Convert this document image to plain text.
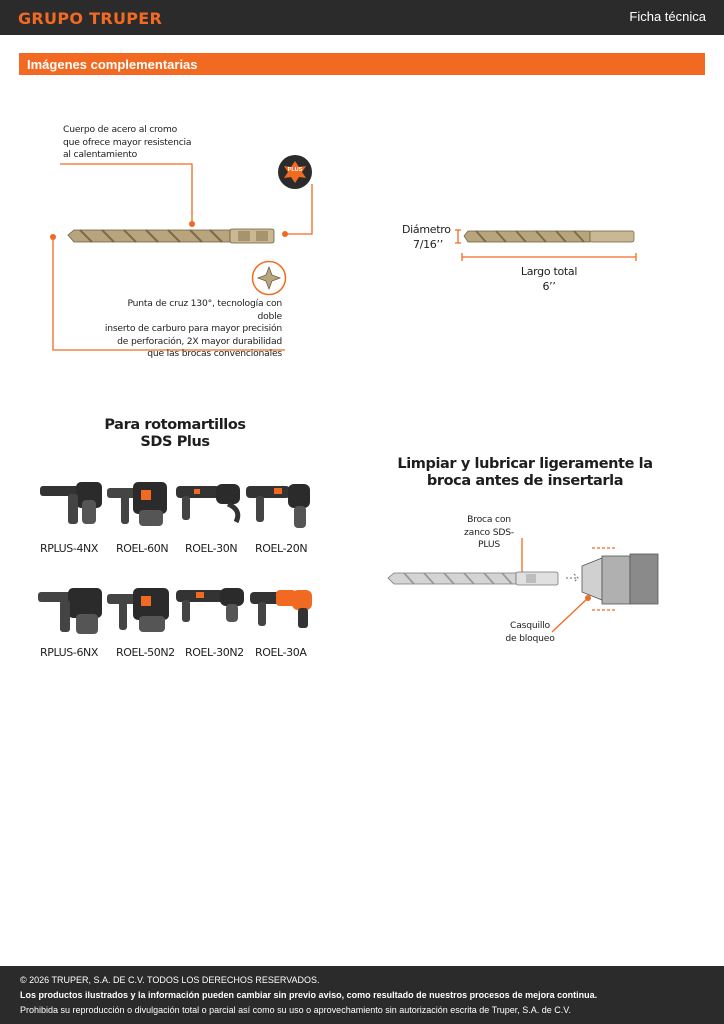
GRUPO TRUPER	Ficha técnica
Imágenes complementarias
Cuerpo de acero al cromo
que ofrece mayor resistencia
al calentamiento
PLUS
Punta de cruz 130°, tecnología con doble
inserto de carburo para mayor precisión
de perforación, 2X mayor durabilidad
que las brocas convencionales
Diámetro
7/16’’
Largo total
6’’
Para rotomartillos
SDS Plus
RPLUS-4NX ROEL-60N ROEL-30N ROEL-20N
RPLUS-6NX ROEL-50N2 ROEL-30N2 ROEL-30A
Limpiar y lubricar ligeramente la
broca antes de insertarla
Broca con
zanco SDS-PLUS
Casquillo
de bloqueo
© 2026 TRUPER, S.A. DE C.V. TODOS LOS DERECHOS RESERVADOS.
Los productos ilustrados y la información pueden cambiar sin previo aviso, como resultado de nuestros procesos de mejora continua.
Prohibida su reproducción o divulgación total o parcial así como su uso o aprovechamiento sin autorización escrita de Truper, S.A. de C.V.
